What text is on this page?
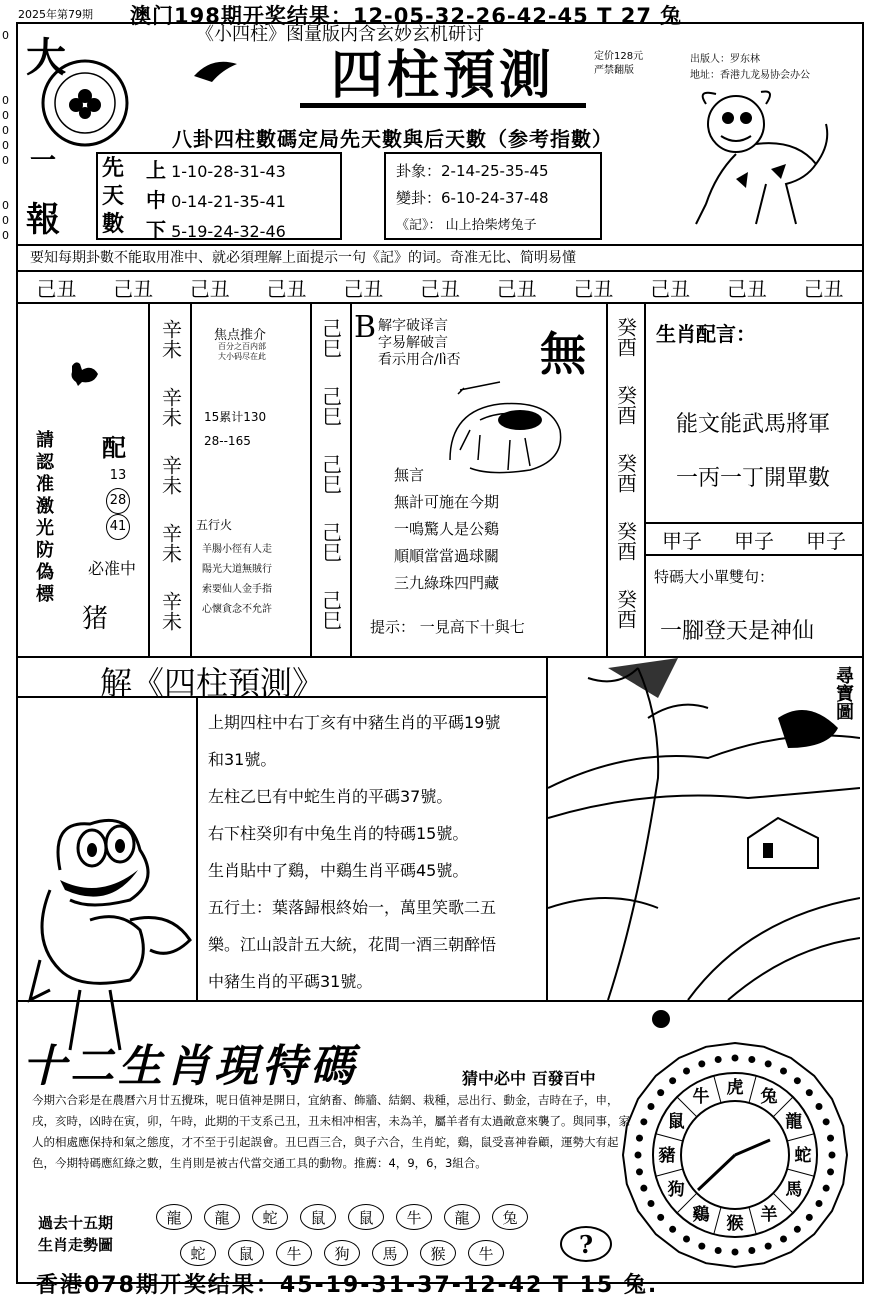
2025年第79期 澳门198期开奖结果：12-05-32-26-42-45 T 27 兔
《小四柱》图量版内含玄妙玄机研讨
0
0
0
0
0
0
0
0
0
大
一
報
四柱預測	定价128元
严禁翻版
出版人：罗东林
地址：香港九龙易协会办公
八卦四柱數碼定局先天數與后天數（参考指數）
先
天
數
上 1-10-28-31-43
中 0-14-21-35-41
下 5-19-24-32-46
卦象：2-14-25-35-45
變卦：6-10-24-37-48
《記》： 山上拾柴烤兔子
要知每期卦數不能取用准中、就必須理解上面提示一句《記》的词。奇准无比、简明易懂
己丑 己丑 己丑 己丑 己丑 己丑 己丑 己丑 己丑 己丑 己丑
請認准激光防偽標 配
13
28
41
必准中
猪
辛未
辛未
辛未
辛未
辛未
焦点推介
百分之百内部
大小码尽在此
15累计130
28--165
五行火
羊腸小徑有人走
陽光大道無賊行
索要仙人金手指
心懷貪念不允許
己巳
己巳
己巳
己巳
己巳
B 解字破译言
字易解破言
看示用合/lì否 無
無言
無計可施在今期
一鳴驚人是公鷄
順順當當過球關
三九綠珠四門藏
提示： 一見高下十與七
癸酉
癸酉
癸酉
癸酉
癸酉
生肖配言：
能文能武馬將軍
一丙一丁開單數
甲子 甲子 甲子
特碼大小單雙句：
一腳登天是神仙
解《四柱預測》
上期四柱中右丁亥有中豬生肖的平碼19號
和31號。
左柱乙巳有中蛇生肖的平碼37號。
右下柱癸卯有中兔生肖的特碼15號。
生肖貼中了鷄，中鷄生肖平碼45號。
五行土：葉落歸根終始一，萬里笑歌二五
樂。江山設計五大統，花間一酒三朝醉悟
中豬生肖的平碼31號。
尋寶圖
十二生肖現特碼	猜中必中 百發百中
今期六合彩是在農曆六月廿五攪珠，呢日值神是開日，宜納畜、飾牆、結網、栽種，忌出行、動金，吉時在子，申，戌，亥時，凶時在寅，卯，午時，此期的干支系己丑，丑未相冲相害，未為羊，屬羊者有太過敵意來襲了。與同事，家人的相處應保持和氣之態度，才不至于引起誤會。丑巳酉三合，與子六合，生肖蛇，鷄，鼠受喜神眷顧，運勢大有起色，今期特碼應紅綠之數，生肖則是被古代當交通工具的動物。推薦：4，9，6，3組合。
過去十五期
生肖走勢圖
龍	龍	蛇	鼠	鼠	牛	龍	兔
蛇	鼠	牛	狗	馬	猴	牛	?
虎 兔
龍
蛇
馬
羊
猴
鷄
狗
豬
鼠
牛
香港078期开奖结果：45-19-31-37-12-42 T 15 兔.
